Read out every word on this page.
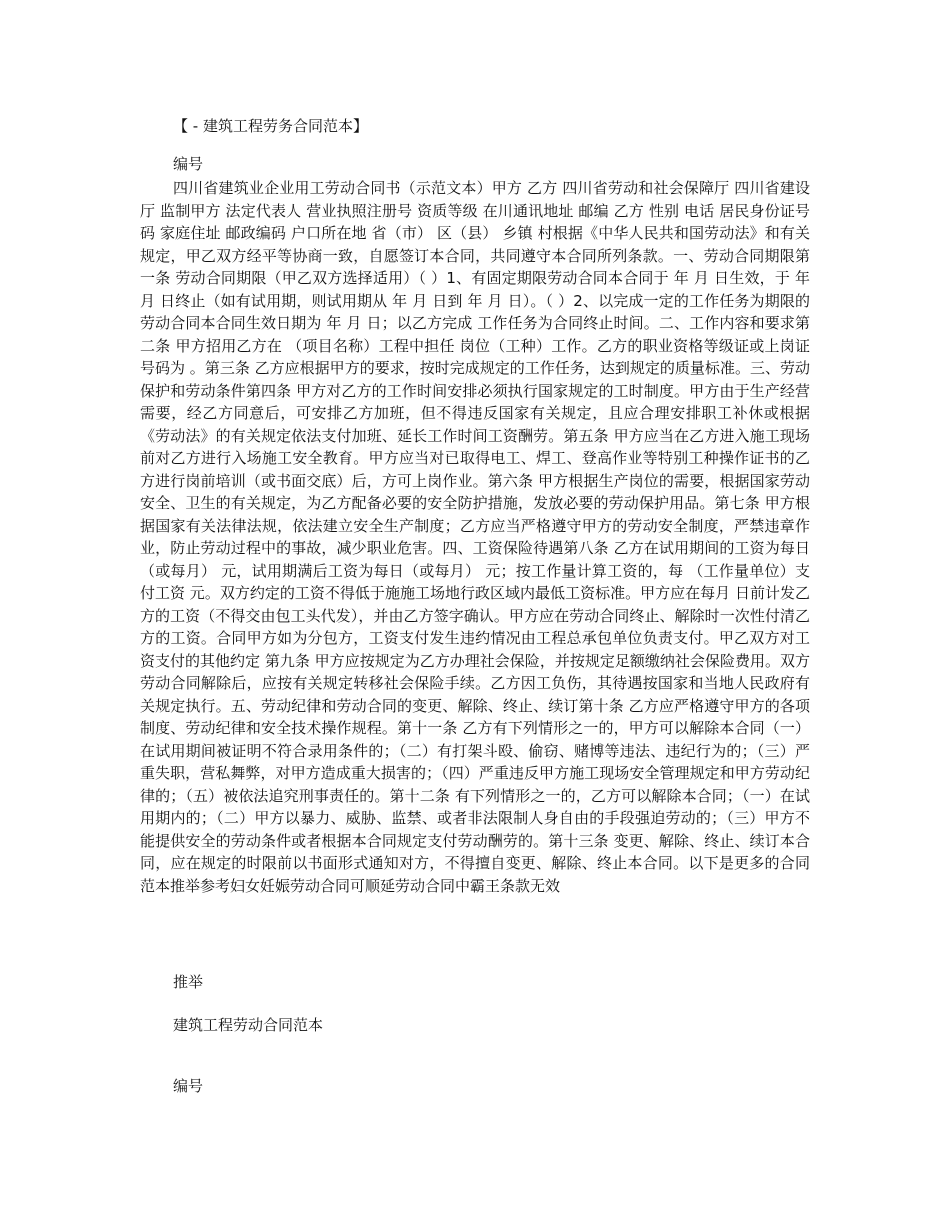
【 - 建筑工程劳务合同范本】
编号

四川省建筑业企业用工劳动合同书（示范文本）甲方 乙方 四川省劳动和社会保障厅 四川省建设厅 监制甲方 法定代表人 营业执照注册号 资质等级 在川通讯地址 邮编 乙方 性别 电话 居民身份证号码 家庭住址 邮政编码 户口所在地 省（市） 区（县） 乡镇 村根据《中华人民共和国劳动法》和有关规定，甲乙双方经平等协商一致，自愿签订本合同，共同遵守本合同所列条款。一、劳动合同期限第一条 劳动合同期限（甲乙双方选择适用）（ ）1、有固定期限劳动合同本合同于 年 月 日生效，于 年 月 日终止（如有试用期，则试用期从 年 月 日到 年 月 日）。（ ）2、以完成一定的工作任务为期限的劳动合同本合同生效日期为 年 月 日；以乙方完成 工作任务为合同终止时间。二、工作内容和要求第二条 甲方招用乙方在 （项目名称）工程中担任 岗位（工种）工作。乙方的职业资格等级证或上岗证号码为 。第三条 乙方应根据甲方的要求，按时完成规定的工作任务，达到规定的质量标准。三、劳动保护和劳动条件第四条 甲方对乙方的工作时间安排必须执行国家规定的工时制度。甲方由于生产经营需要，经乙方同意后，可安排乙方加班，但不得违反国家有关规定，且应合理安排职工补休或根据《劳动法》的有关规定依法支付加班、延长工作时间工资酬劳。第五条 甲方应当在乙方进入施工现场前对乙方进行入场施工安全教育。甲方应当对已取得电工、焊工、登高作业等特别工种操作证书的乙方进行岗前培训（或书面交底）后，方可上岗作业。第六条 甲方根据生产岗位的需要，根据国家劳动安全、卫生的有关规定，为乙方配备必要的安全防护措施，发放必要的劳动保护用品。第七条 甲方根据国家有关法律法规，依法建立安全生产制度；乙方应当严格遵守甲方的劳动安全制度，严禁违章作业，防止劳动过程中的事故，减少职业危害。四、工资保险待遇第八条 乙方在试用期间的工资为每日（或每月） 元，试用期满后工资为每日（或每月） 元；按工作量计算工资的，每 （工作量单位）支付工资 元。双方约定的工资不得低于施施工场地行政区域内最低工资标准。甲方应在每月 日前计发乙方的工资（不得交由包工头代发），并由乙方签字确认。甲方应在劳动合同终止、解除时一次性付清乙方的工资。合同甲方如为分包方，工资支付发生违约情况由工程总承包单位负责支付。甲乙双方对工资支付的其他约定 第九条 甲方应按规定为乙方办理社会保险，并按规定足额缴纳社会保险费用。双方劳动合同解除后，应按有关规定转移社会保险手续。乙方因工负伤，其待遇按国家和当地人民政府有关规定执行。五、劳动纪律和劳动合同的变更、解除、终止、续订第十条 乙方应严格遵守甲方的各项制度、劳动纪律和安全技术操作规程。第十一条 乙方有下列情形之一的，甲方可以解除本合同（一）在试用期间被证明不符合录用条件的；（二）有打架斗殴、偷窃、赌博等违法、违纪行为的；（三）严重失职，营私舞弊，对甲方造成重大损害的；（四）严重违反甲方施工现场安全管理规定和甲方劳动纪律的；（五）被依法追究刑事责任的。第十二条 有下列情形之一的，乙方可以解除本合同；（一）在试用期内的；（二）甲方以暴力、威胁、监禁、或者非法限制人身自由的手段强迫劳动的；（三）甲方不能提供安全的劳动条件或者根据本合同规定支付劳动酬劳的。第十三条 变更、解除、终止、续订本合同，应在规定的时限前以书面形式通知对方，不得擅自变更、解除、终止本合同。以下是更多的合同范本推举参考妇女妊娠劳动合同可顺延劳动合同中霸王条款无效

推举
建筑工程劳动合同范本
编号
